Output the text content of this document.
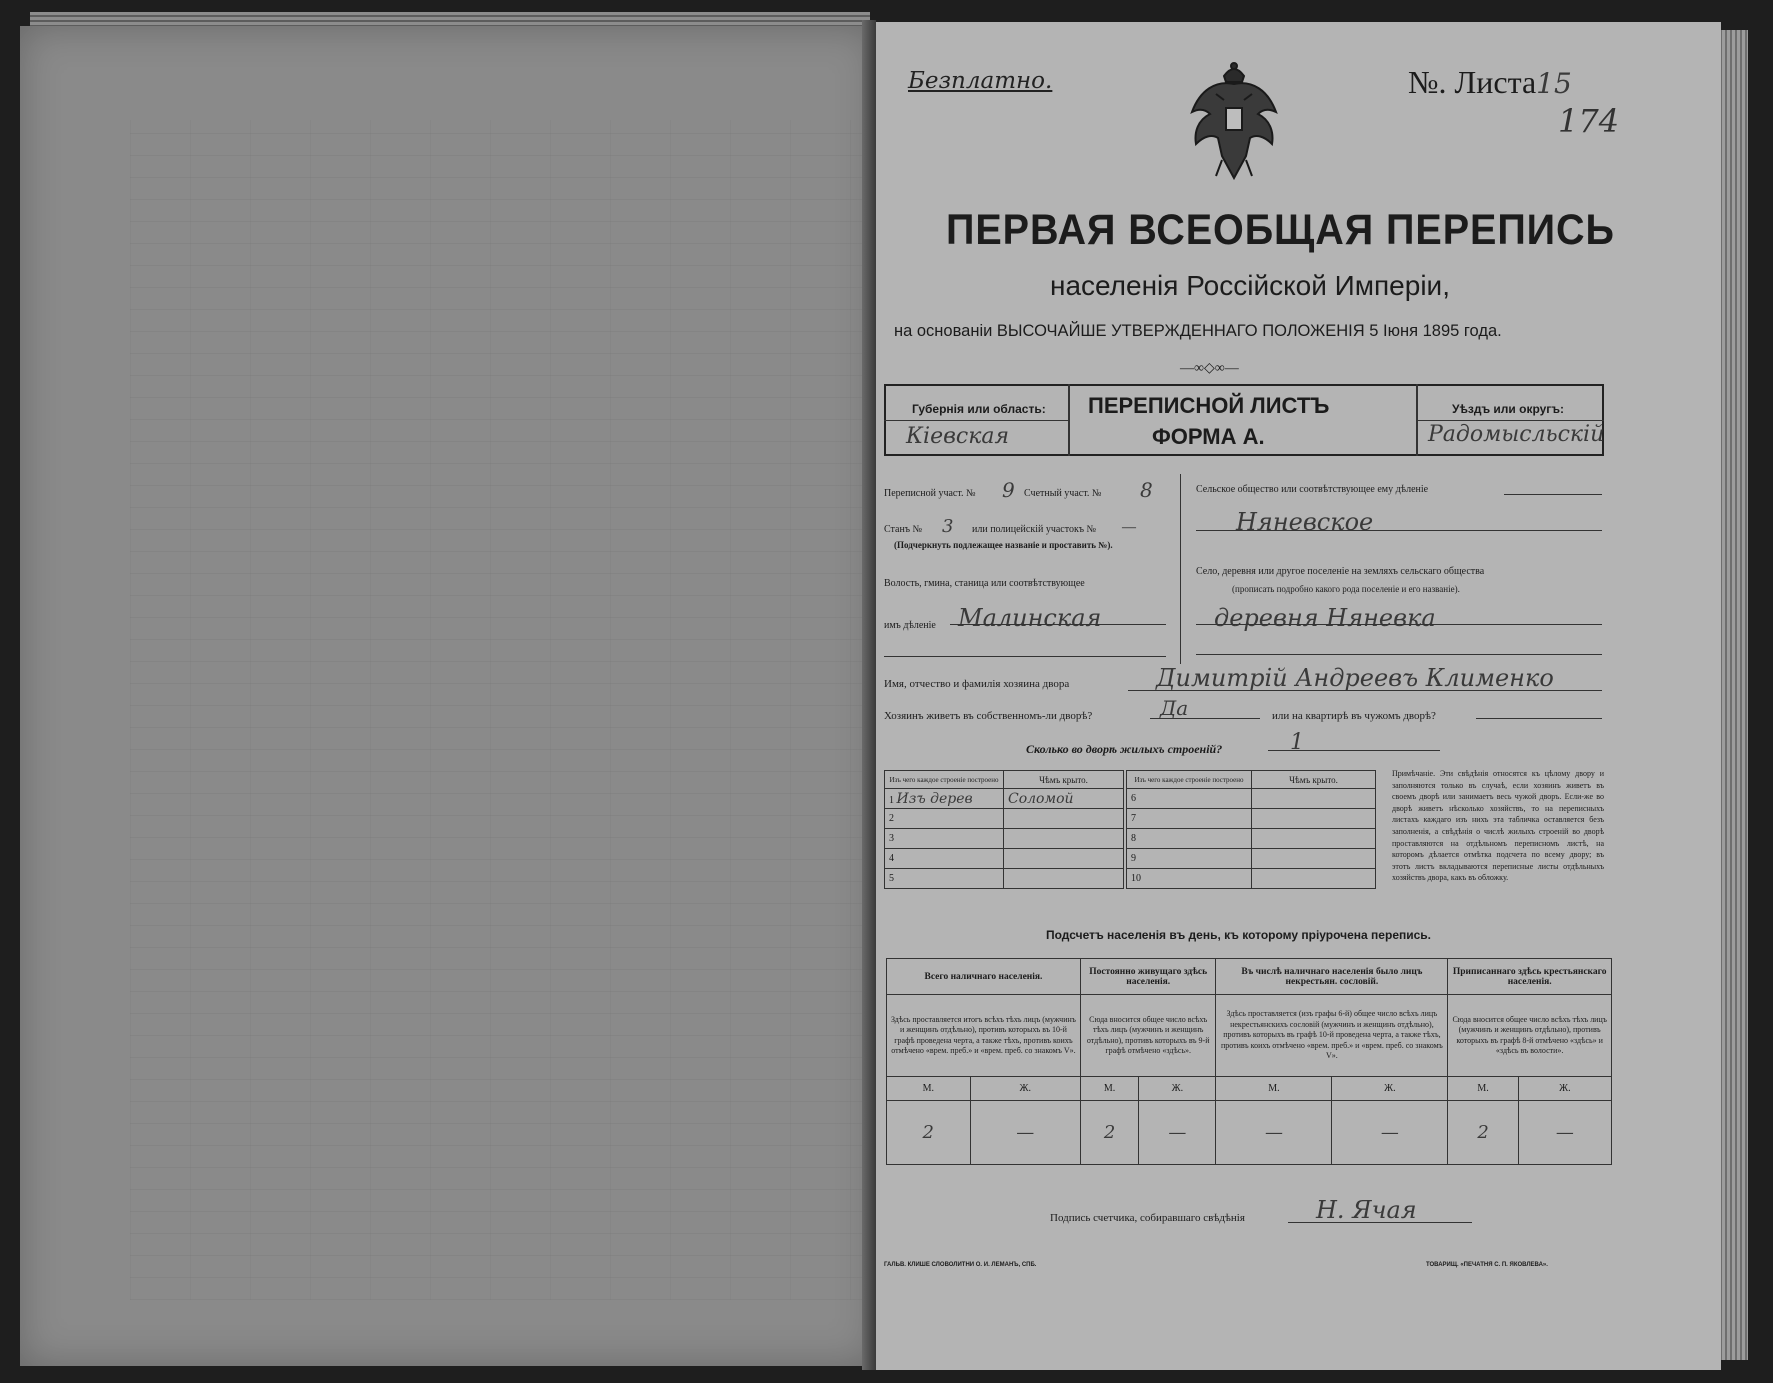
Безплатно.	№. Листа15
174
ПЕРВАЯ ВСЕОБЩАЯ ПЕРЕПИСЬ
населенія Россійской Имперіи,
на основаніи ВЫСОЧАЙШЕ УТВЕРЖДЕННАГО ПОЛОЖЕНІЯ 5 Іюня 1895 года.
—∞◇∞—
Губернія или область:
Кіевская
ПЕРЕПИСНОЙ ЛИСТЪ
ФОРМА А.
Уѣздъ или округъ:
Радомысльскій
Переписной участ. № 9 Счетный участ. № 8
Станъ № 3 или полицейскій участокъ № —
(Подчеркнуть подлежащее названіе и проставить №).
Волость, гмина, станица или соотвѣтствующее
имъ дѣленіе Малинская
Сельское общество или соотвѣтствующее ему дѣленіе
Няневское
Село, деревня или другое поселеніе на земляхъ сельскаго общества
(прописать подробно какого рода поселеніе и его названіе).
деревня Няневка
Имя, отчество и фамилія хозяина двора	Димитрій Андреевъ Клименко
Хозяинъ живетъ въ собственномъ-ли дворѣ?	Да	или на квартирѣ въ чужомъ дворѣ?
Сколько во дворѣ жилыхъ строеній?	1
Изъ чего каждое строеніе построено	Чѣмъ крыто.
1 Изъ дерев	Соломой
2	
3	
4	
5	
Изъ чего каждое строеніе построено	Чѣмъ крыто.
6	
7	
8	
9	
10	
Примѣчаніе. Эти свѣдѣнія относятся къ цѣлому двору и заполняются только въ случаѣ, если хозяинъ живетъ въ своемъ дворѣ или занимаетъ весь чужой дворъ. Если-же во дворѣ живетъ нѣсколько хозяйствъ, то на переписныхъ листахъ каждаго изъ нихъ эта табличка оставляется безъ заполненія, а свѣдѣнія о числѣ жилыхъ строеній во дворѣ проставляются на отдѣльномъ переписномъ листѣ, на которомъ дѣлается отмѣтка подсчета по всему двору; въ этотъ листъ вкладываются переписные листы отдѣльныхъ хозяйствъ двора, какъ въ обложку.
Подсчетъ населенія въ день, къ которому пріурочена перепись.
Всего наличнаго населенія.		Постоянно живущаго здѣсь населенія.		Въ числѣ наличнаго населенія было лицъ некрестьян. сословій.		Приписаннаго здѣсь крестьянскаго населенія.	
Здѣсь проставляется итогъ всѣхъ тѣхъ лицъ (мужчинъ и женщинъ отдѣльно), противъ которыхъ въ 10-й графѣ проведена черта, а также тѣхъ, противъ коихъ отмѣчено «врем. преб.» и «врем. преб. со знакомъ V».		Сюда вносится общее число всѣхъ тѣхъ лицъ (мужчинъ и женщинъ отдѣльно), противъ которыхъ въ 9-й графѣ отмѣчено «здѣсь».		Здѣсь проставляется (изъ графы 6-й) общее число всѣхъ лицъ некрестьянскихъ сословій (мужчинъ и женщинъ отдѣльно), противъ которыхъ въ графѣ 10-й проведена черта, а также тѣхъ, противъ коихъ отмѣчено «врем. преб.» и «врем. преб. со знакомъ V».		Сюда вносится общее число всѣхъ тѣхъ лицъ (мужчинъ и женщинъ отдѣльно), противъ которыхъ въ графѣ 8-й отмѣчено «здѣсь» и «здѣсь въ волости».	
М.	Ж.	М.	Ж.	М.	Ж.	М.	Ж.
2	—	2	—	—	—	2	—
Подпись счетчика, собиравшаго свѣдѣнія	Н. Ячая
ГАЛЬВ. КЛИШЕ СЛОВОЛИТНИ О. И. ЛЕМАНЪ, СПБ.	ТОВАРИЩ. «ПЕЧАТНЯ С. П. ЯКОВЛЕВА».
